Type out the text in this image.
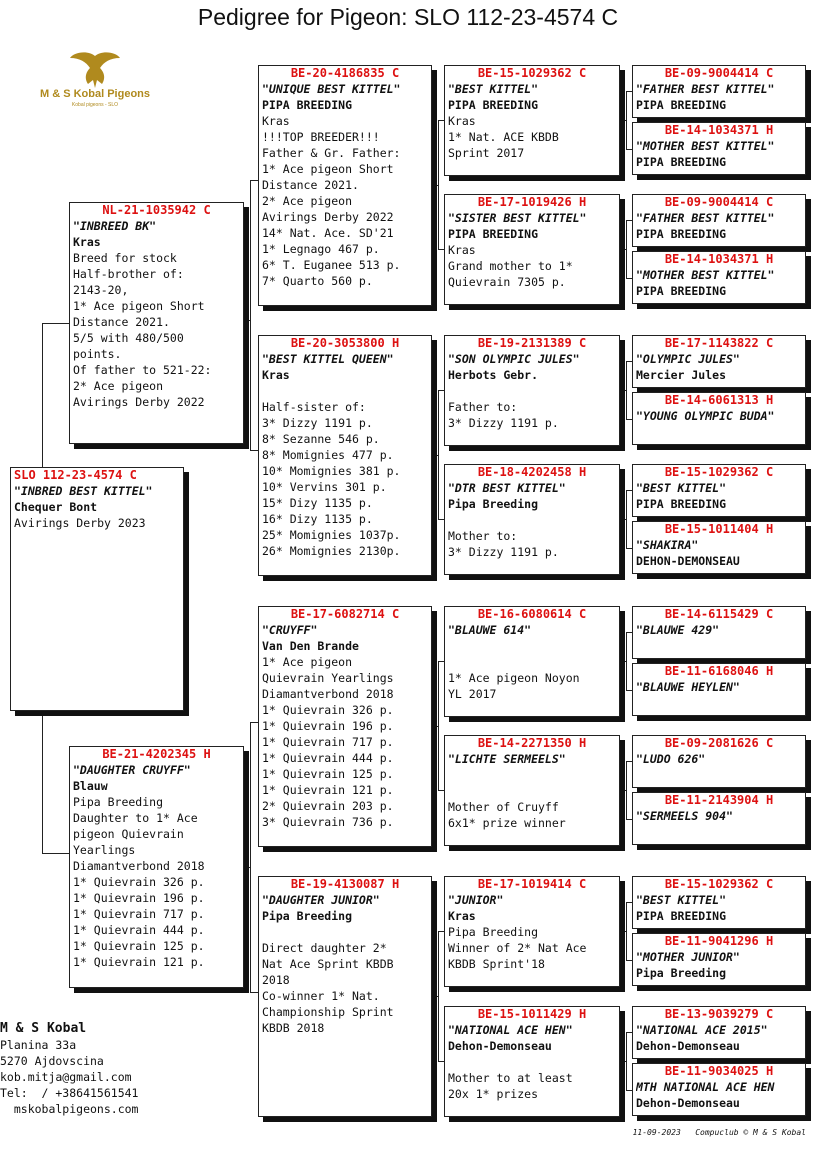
Pedigree for Pigeon: SLO 112-23-4574 C
M & S Kobal Pigeons
Kobal pigeons - SLO
SLO 112-23-4574 C
"INBRED BEST KITTEL"
Chequer Bont
Avirings Derby 2023
NL-21-1035942 C
"INBREED BK"
Kras
Breed for stock
Half-brother of:
2143-20,
1* Ace pigeon Short
Distance 2021.
5/5 with 480/500
points.
Of father to 521-22:
2* Ace pigeon
Avirings Derby 2022
BE-21-4202345 H
"DAUGHTER CRUYFF"
Blauw
Pipa Breeding
Daughter to 1* Ace
pigeon Quievrain
Yearlings
Diamantverbond 2018
1* Quievrain 326 p.
1* Quievrain 196 p.
1* Quievrain 717 p.
1* Quievrain 444 p.
1* Quievrain 125 p.
1* Quievrain 121 p.
BE-20-4186835 C
"UNIQUE BEST KITTEL"
PIPA BREEDING
Kras
!!!TOP BREEDER!!!
Father & Gr. Father:
1* Ace pigeon Short
Distance 2021.
2* Ace pigeon
Avirings Derby 2022
14* Nat. Ace. SD'21
1* Legnago 467 p.
6* T. Euganee 513 p.
7* Quarto 560 p.
BE-20-3053800 H
"BEST KITTEL QUEEN"
Kras
Half-sister of:
3* Dizzy 1191 p.
8* Sezanne 546 p.
8* Momignies 477 p.
10* Momignies 381 p.
10* Vervins 301 p.
15* Dizy 1135 p.
16* Dizy 1135 p.
25* Momignies 1037p.
26* Momignies 2130p.
BE-17-6082714 C
"CRUYFF"
Van Den Brande
1* Ace pigeon
Quievrain Yearlings
Diamantverbond 2018
1* Quievrain 326 p.
1* Quievrain 196 p.
1* Quievrain 717 p.
1* Quievrain 444 p.
1* Quievrain 125 p.
1* Quievrain 121 p.
2* Quievrain 203 p.
3* Quievrain 736 p.
BE-19-4130087 H
"DAUGHTER JUNIOR"
Pipa Breeding
Direct daughter 2*
Nat Ace Sprint KBDB
2018
Co-winner 1* Nat.
Championship Sprint
KBDB 2018
BE-15-1029362 C
"BEST KITTEL"
PIPA BREEDING
Kras
1* Nat. ACE KBDB
Sprint 2017
BE-17-1019426 H
"SISTER BEST KITTEL"
PIPA BREEDING
Kras
Grand mother to 1*
Quievrain 7305 p.
BE-19-2131389 C
"SON OLYMPIC JULES"
Herbots Gebr.
Father to:
3* Dizzy 1191 p.
BE-18-4202458 H
"DTR BEST KITTEL"
Pipa Breeding
Mother to:
3* Dizzy 1191 p.
BE-16-6080614 C
"BLAUWE 614"
1* Ace pigeon Noyon
YL 2017
BE-14-2271350 H
"LICHTE SERMEELS"
Mother of Cruyff
6x1* prize winner
BE-17-1019414 C
"JUNIOR"
Kras
Pipa Breeding
Winner of 2* Nat Ace
KBDB Sprint'18
BE-15-1011429 H
"NATIONAL ACE HEN"
Dehon-Demonseau
Mother to at least
20x 1* prizes
BE-09-9004414 C
"FATHER BEST KITTEL"
PIPA BREEDING
BE-14-1034371 H
"MOTHER BEST KITTEL"
PIPA BREEDING
BE-09-9004414 C
"FATHER BEST KITTEL"
PIPA BREEDING
BE-14-1034371 H
"MOTHER BEST KITTEL"
PIPA BREEDING
BE-17-1143822 C
"OLYMPIC JULES"
Mercier Jules
BE-14-6061313 H
"YOUNG OLYMPIC BUDA"
BE-15-1029362 C
"BEST KITTEL"
PIPA BREEDING
BE-15-1011404 H
"SHAKIRA"
DEHON-DEMONSEAU
BE-14-6115429 C
"BLAUWE 429"
BE-11-6168046 H
"BLAUWE HEYLEN"
BE-09-2081626 C
"LUDO 626"
BE-11-2143904 H
"SERMEELS 904"
BE-15-1029362 C
"BEST KITTEL"
PIPA BREEDING
BE-11-9041296 H
"MOTHER JUNIOR"
Pipa Breeding
BE-13-9039279 C
"NATIONAL ACE 2015"
Dehon-Demonseau
BE-11-9034025 H
MTH NATIONAL ACE HEN
Dehon-Demonseau
M & S Kobal
Planina 33a
5270 Ajdovscina
kob.mitja@gmail.com
Tel:  / +38641561541
mskobalpigeons.com
11-09-2023   Compuclub © M & S Kobal
